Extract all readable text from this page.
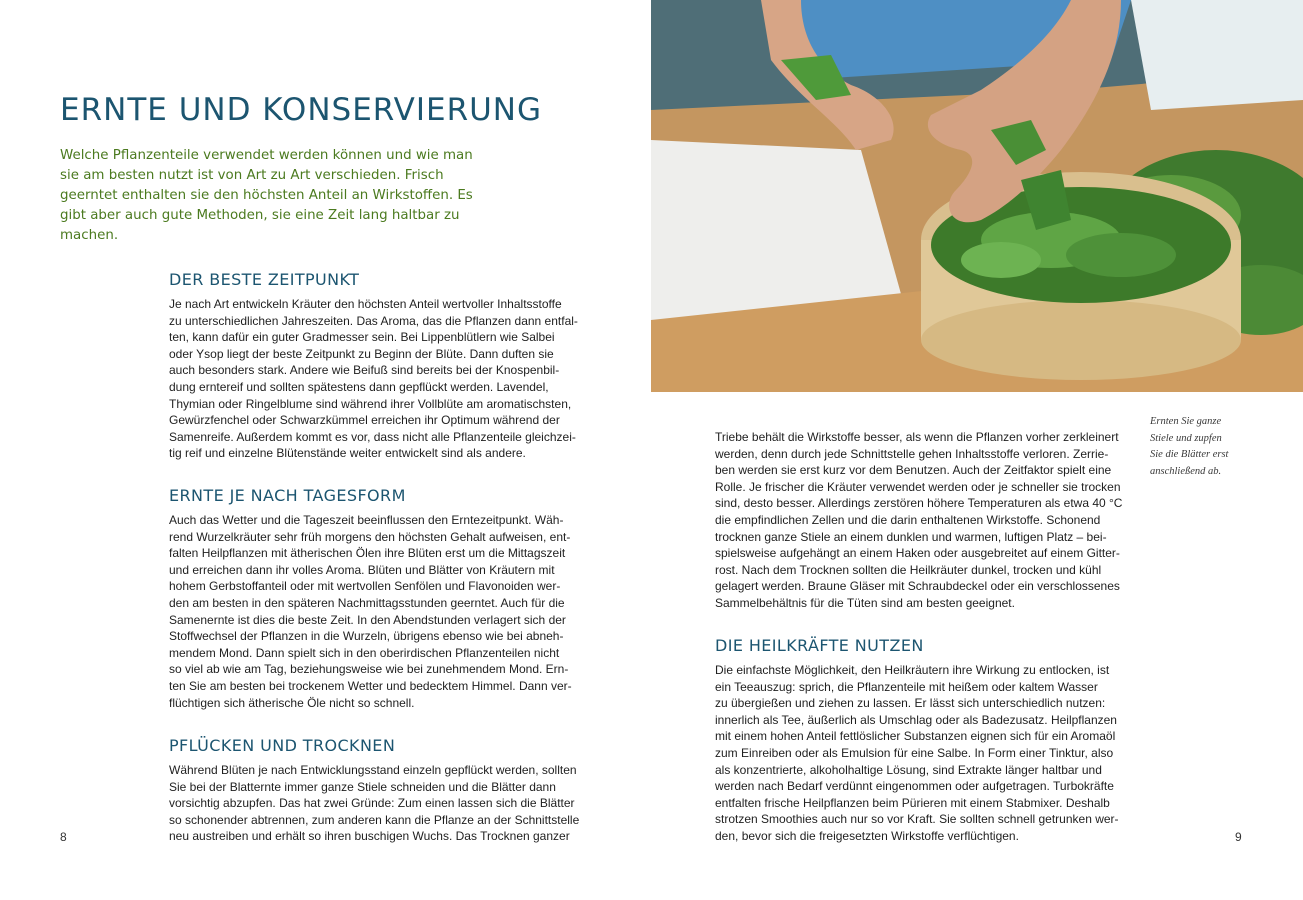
ERNTE UND KONSERVIERUNG

Welche Pflanzenteile verwendet werden können und wie man sie am besten nutzt ist von Art zu Art verschieden. Frisch geerntet enthalten sie den höchsten Anteil an Wirkstoffen. Es gibt aber auch gute Methoden, sie eine Zeit lang haltbar zu machen.

DER BESTE ZEITPUNKT
Je nach Art entwickeln Kräuter den höchsten Anteil wertvoller Inhaltsstoffe
zu unterschiedlichen Jahreszeiten. Das Aroma, das die Pflanzen dann entfal-
ten, kann dafür ein guter Gradmesser sein. Bei Lippenblütlern wie Salbei
oder Ysop liegt der beste Zeitpunkt zu Beginn der Blüte. Dann duften sie
auch besonders stark. Andere wie Beifuß sind bereits bei der Knospenbil-
dung erntereif und sollten spätestens dann gepflückt werden. Lavendel,
Thymian oder Ringelblume sind während ihrer Vollblüte am aromatischsten,
Gewürzfenchel oder Schwarzkümmel erreichen ihr Optimum während der
Samenreife. Außerdem kommt es vor, dass nicht alle Pflanzenteile gleichzei-
tig reif und einzelne Blütenstände weiter entwickelt sind als andere.
ERNTE JE NACH TAGESFORM
Auch das Wetter und die Tageszeit beeinflussen den Erntezeitpunkt. Wäh-
rend Wurzelkräuter sehr früh morgens den höchsten Gehalt aufweisen, ent-
falten Heilpflanzen mit ätherischen Ölen ihre Blüten erst um die Mittagszeit
und erreichen dann ihr volles Aroma. Blüten und Blätter von Kräutern mit
hohem Gerbstoffanteil oder mit wertvollen Senfölen und Flavonoiden wer-
den am besten in den späteren Nachmittagsstunden geerntet. Auch für die
Samenernte ist dies die beste Zeit. In den Abendstunden verlagert sich der
Stoffwechsel der Pflanzen in die Wurzeln, übrigens ebenso wie bei abneh-
mendem Mond. Dann spielt sich in den oberirdischen Pflanzenteilen nicht
so viel ab wie am Tag, beziehungsweise wie bei zunehmendem Mond. Ern-
ten Sie am besten bei trockenem Wetter und bedecktem Himmel. Dann ver-
flüchtigen sich ätherische Öle nicht so schnell.
PFLÜCKEN UND TROCKNEN
Während Blüten je nach Entwicklungsstand einzeln gepflückt werden, sollten
Sie bei der Blatternte immer ganze Stiele schneiden und die Blätter dann
vorsichtig abzupfen. Das hat zwei Gründe: Zum einen lassen sich die Blätter
so schonender abtrennen, zum anderen kann die Pflanze an der Schnittstelle
neu austreiben und erhält so ihren buschigen Wuchs. Das Trocknen ganzer
8
Triebe behält die Wirkstoffe besser, als wenn die Pflanzen vorher zerkleinert
werden, denn durch jede Schnittstelle gehen Inhaltsstoffe verloren. Zerrie-
ben werden sie erst kurz vor dem Benutzen. Auch der Zeitfaktor spielt eine
Rolle. Je frischer die Kräuter verwendet werden oder je schneller sie trocken
sind, desto besser. Allerdings zerstören höhere Temperaturen als etwa 40 °C
die empfindlichen Zellen und die darin enthaltenen Wirkstoffe. Schonend
trocknen ganze Stiele an einem dunklen und warmen, luftigen Platz – bei-
spielsweise aufgehängt an einem Haken oder ausgebreitet auf einem Gitter-
rost. Nach dem Trocknen sollten die Heilkräuter dunkel, trocken und kühl
gelagert werden. Braune Gläser mit Schraubdeckel oder ein verschlossenes
Sammelbehältnis für die Tüten sind am besten geeignet.
DIE HEILKRÄFTE NUTZEN
Die einfachste Möglichkeit, den Heilkräutern ihre Wirkung zu entlocken, ist
ein Teeauszug: sprich, die Pflanzenteile mit heißem oder kaltem Wasser
zu übergießen und ziehen zu lassen. Er lässt sich unterschiedlich nutzen:
innerlich als Tee, äußerlich als Umschlag oder als Badezusatz. Heilpflanzen
mit einem hohen Anteil fettlöslicher Substanzen eignen sich für ein Aromaöl
zum Einreiben oder als Emulsion für eine Salbe. In Form einer Tinktur, also
als konzentrierte, alkoholhaltige Lösung, sind Extrakte länger haltbar und
werden nach Bedarf verdünnt eingenommen oder aufgetragen. Turbokräfte
entfalten frische Heilpflanzen beim Pürieren mit einem Stabmixer. Deshalb
strotzen Smoothies auch nur so vor Kraft. Sie sollten schnell getrunken wer-
den, bevor sich die freigesetzten Wirkstoffe verflüchtigen.
Ernten Sie ganze
Stiele und zupfen
Sie die Blätter erst
anschließend ab.
9
